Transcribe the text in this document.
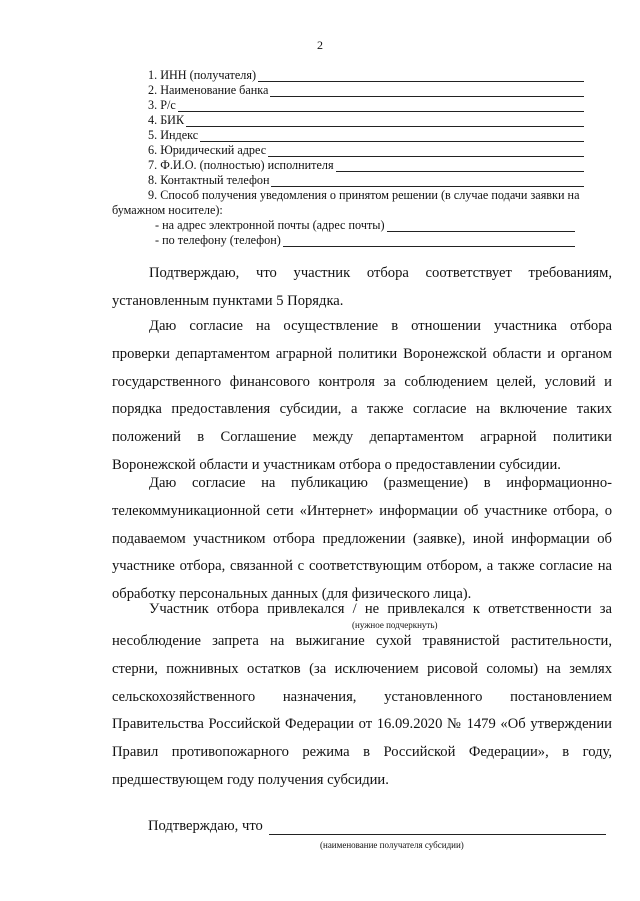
2
1. ИНН (получателя)
2. Наименование банка
3. Р/с
4. БИК
5. Индекс
6. Юридический адрес
7. Ф.И.О. (полностью) исполнителя
8. Контактный телефон
9. Способ получения уведомления о принятом решении (в случае подачи заявки на
бумажном носителе):
- на адрес электронной почты (адрес почты)
- по телефону (телефон)
Подтверждаю, что участник отбора соответствует требованиям,
установленным пунктами 5 Порядка.
Даю согласие на осуществление в отношении участника отбора
проверки департаментом аграрной политики Воронежской области и органом
государственного финансового контроля за соблюдением целей, условий и
порядка предоставления субсидии, а также согласие на включение таких
положений в Соглашение между департаментом аграрной политики
Воронежской области и участникам отбора о предоставлении субсидии.
Даю согласие на публикацию (размещение) в информационно-
телекоммуникационной сети «Интернет» информации об участнике отбора, о
подаваемом участником отбора предложении (заявке), иной информации об
участнике отбора, связанной с соответствующим отбором, а также согласие на
обработку персональных данных (для физического лица).
Участник отбора привлекался / не привлекался к ответственности за
(нужное подчеркнуть)
несоблюдение запрета на выжигание сухой травянистой растительности,
стерни, пожнивных остатков (за исключением рисовой соломы) на землях
сельскохозяйственного назначения, установленного постановлением
Правительства Российской Федерации от 16.09.2020 № 1479 «Об утверждении
Правил противопожарного режима в Российской Федерации», в году,
предшествующем году получения субсидии.
Подтверждаю, что
(наименование получателя субсидии)
